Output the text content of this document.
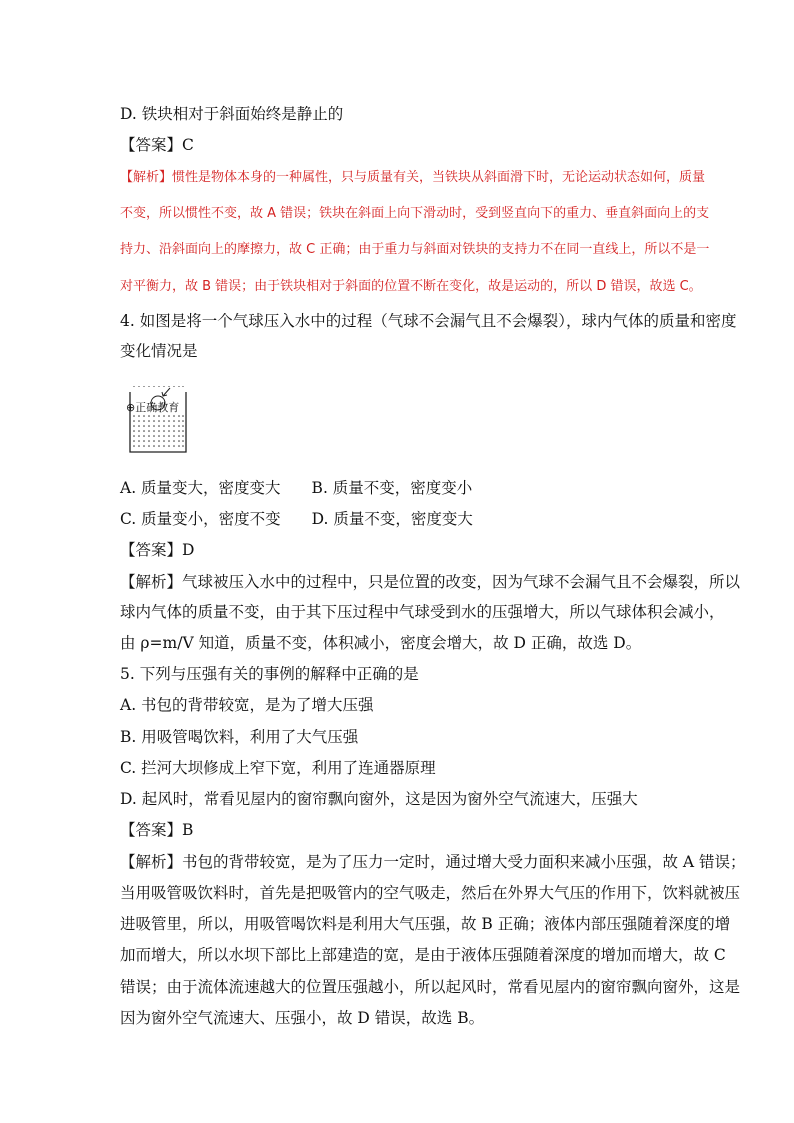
D. 铁块相对于斜面始终是静止的
【答案】C
【解析】惯性是物体本身的一种属性，只与质量有关，当铁块从斜面滑下时，无论运动状态如何，质量
不变，所以惯性不变，故 A 错误；铁块在斜面上向下滑动时，受到竖直向下的重力、垂直斜面向上的支
持力、沿斜面向上的摩擦力，故 C 正确；由于重力与斜面对铁块的支持力不在同一直线上，所以不是一
对平衡力，故 B 错误；由于铁块相对于斜面的位置不断在变化，故是运动的，所以 D 错误，故选 C。
4. 如图是将一个气球压入水中的过程（气球不会漏气且不会爆裂），球内气体的质量和密度
变化情况是
⊕正确教育
A. 质量变大，密度变大　　B. 质量不变，密度变小
C. 质量变小，密度不变　　D. 质量不变，密度变大
【答案】D
【解析】气球被压入水中的过程中，只是位置的改变，因为气球不会漏气且不会爆裂，所以
球内气体的质量不变，由于其下压过程中气球受到水的压强增大，所以气球体积会减小，
由 ρ=m/V 知道，质量不变，体积减小，密度会增大，故 D 正确，故选 D。
5. 下列与压强有关的事例的解释中正确的是
A. 书包的背带较宽，是为了增大压强
B. 用吸管喝饮料，利用了大气压强
C. 拦河大坝修成上窄下宽，利用了连通器原理
D. 起风时，常看见屋内的窗帘飘向窗外，这是因为窗外空气流速大，压强大
【答案】B
【解析】书包的背带较宽，是为了压力一定时，通过增大受力面积来减小压强，故 A 错误；
当用吸管吸饮料时，首先是把吸管内的空气吸走，然后在外界大气压的作用下，饮料就被压
进吸管里，所以，用吸管喝饮料是利用大气压强，故 B 正确；液体内部压强随着深度的增
加而增大，所以水坝下部比上部建造的宽，是由于液体压强随着深度的增加而增大，故 C
错误；由于流体流速越大的位置压强越小，所以起风时，常看见屋内的窗帘飘向窗外，这是
因为窗外空气流速大、压强小，故 D 错误，故选 B。
